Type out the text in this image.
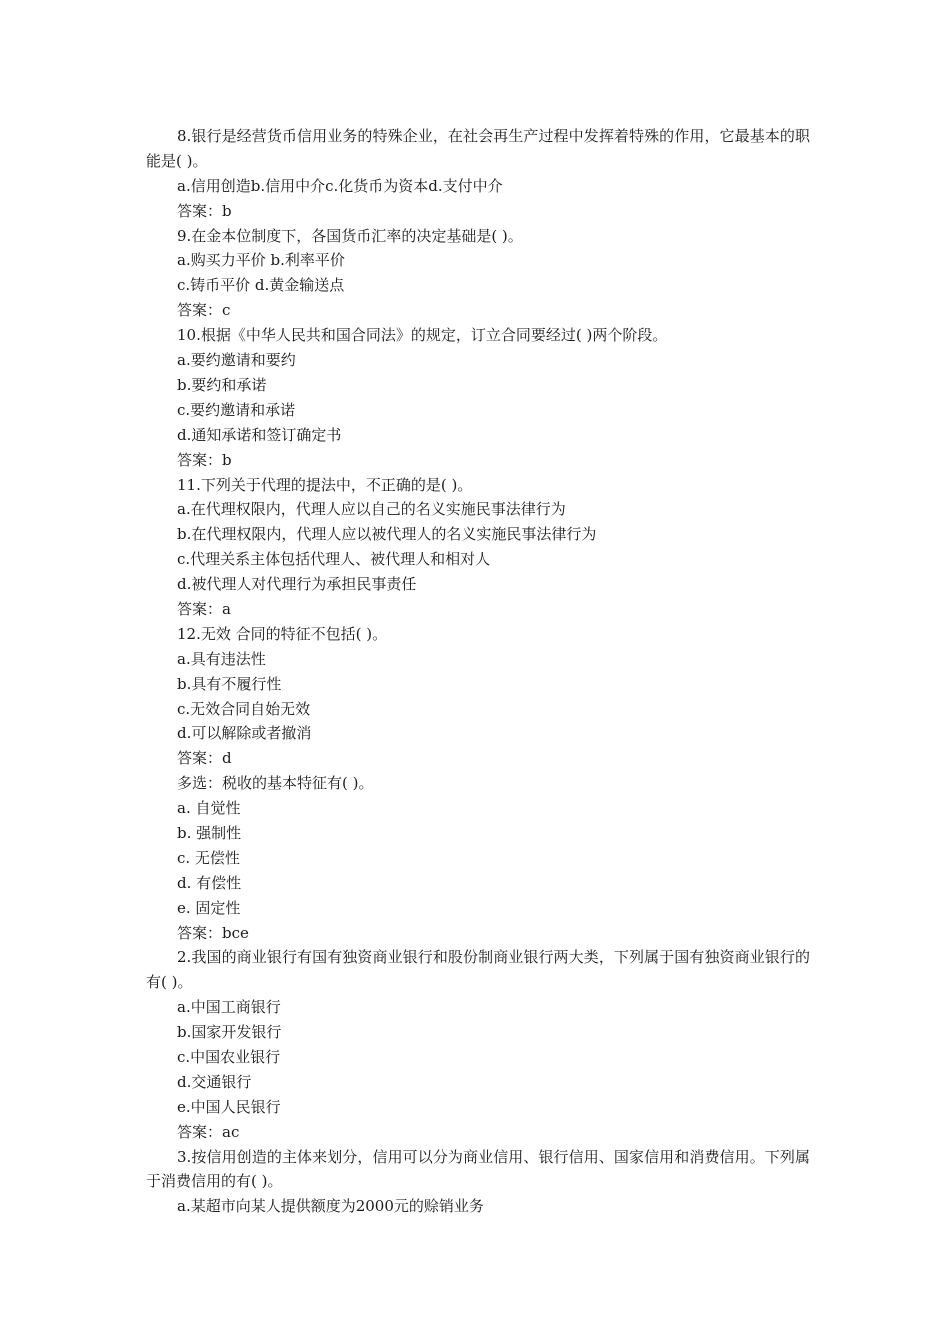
8.银行是经营货币信用业务的特殊企业，在社会再生产过程中发挥着特殊的作用，它最基本的职能是( )。
a.信用创造b.信用中介c.化货币为资本d.支付中介
答案：b
9.在金本位制度下，各国货币汇率的决定基础是( )。
a.购买力平价 b.利率平价
c.铸币平价 d.黄金输送点
答案：c
10.根据《中华人民共和国合同法》的规定，订立合同要经过( )两个阶段。
a.要约邀请和要约
b.要约和承诺
c.要约邀请和承诺
d.通知承诺和签订确定书
答案：b
11.下列关于代理的提法中，不正确的是( )。
a.在代理权限内，代理人应以自己的名义实施民事法律行为
b.在代理权限内，代理人应以被代理人的名义实施民事法律行为
c.代理关系主体包括代理人、被代理人和相对人
d.被代理人对代理行为承担民事责任
答案：a
12.无效 合同的特征不包括( )。
a.具有违法性
b.具有不履行性
c.无效合同自始无效
d.可以解除或者撤消
答案：d
多选：税收的基本特征有( )。
a. 自觉性
b. 强制性
c. 无偿性
d. 有偿性
e. 固定性
答案：bce
2.我国的商业银行有国有独资商业银行和股份制商业银行两大类，下列属于国有独资商业银行的有( )。
a.中国工商银行
b.国家开发银行
c.中国农业银行
d.交通银行
e.中国人民银行
答案：ac
3.按信用创造的主体来划分，信用可以分为商业信用、银行信用、国家信用和消费信用。下列属于消费信用的有( )。
a.某超市向某人提供额度为2000元的赊销业务
